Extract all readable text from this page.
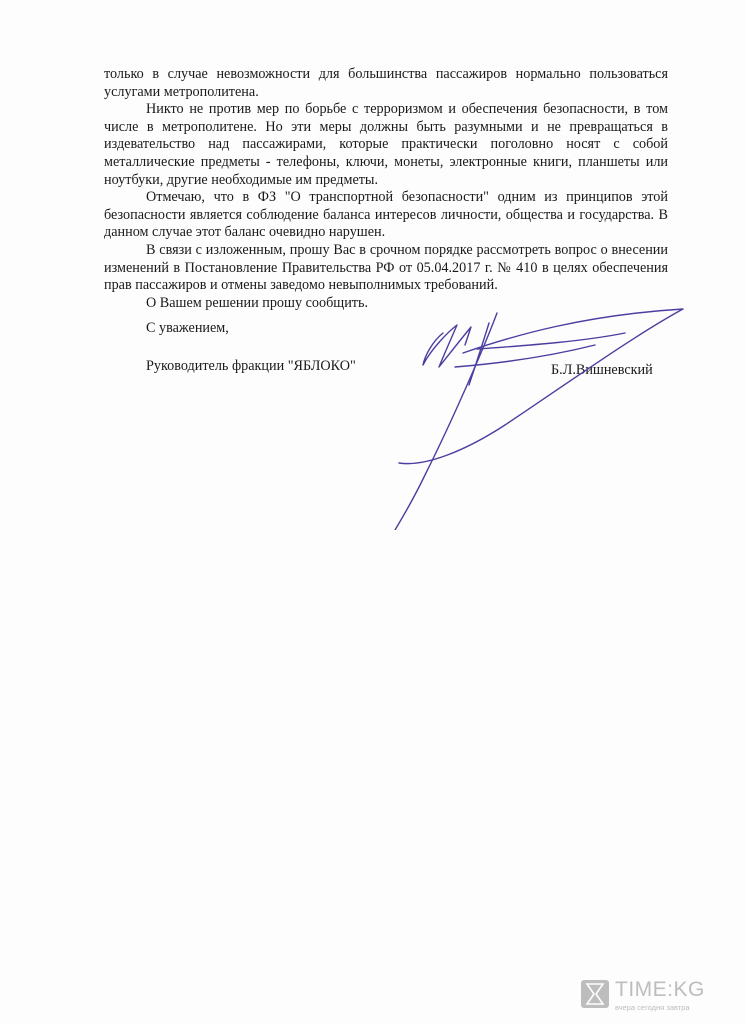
только в случае невозможности для большинства пассажиров нормально пользоваться услугами метрополитена.

Никто не против мер по борьбе с терроризмом и обеспечения безопасности, в том числе в метрополитене. Но эти меры должны быть разумными и не превращаться в издевательство над пассажирами, которые практически поголовно носят с собой металлические предметы - телефоны, ключи, монеты, электронные книги, планшеты или ноутбуки, другие необходимые им предметы.

Отмечаю, что в ФЗ "О транспортной безопасности" одним из принципов этой безопасности является соблюдение баланса интересов личности, общества и государства. В данном случае этот баланс очевидно нарушен.

В связи с изложенным, прошу Вас в срочном порядке рассмотреть вопрос о внесении изменений в Постановление Правительства РФ от 05.04.2017 г. № 410 в целях обеспечения прав пассажиров и отмены заведомо невыполнимых требований.

О Вашем решении прошу сообщить.

С уважением,
Руководитель фракции "ЯБЛОКО"	Б.Л.Вишневский
TIME:KG
вчера сегодня завтра
